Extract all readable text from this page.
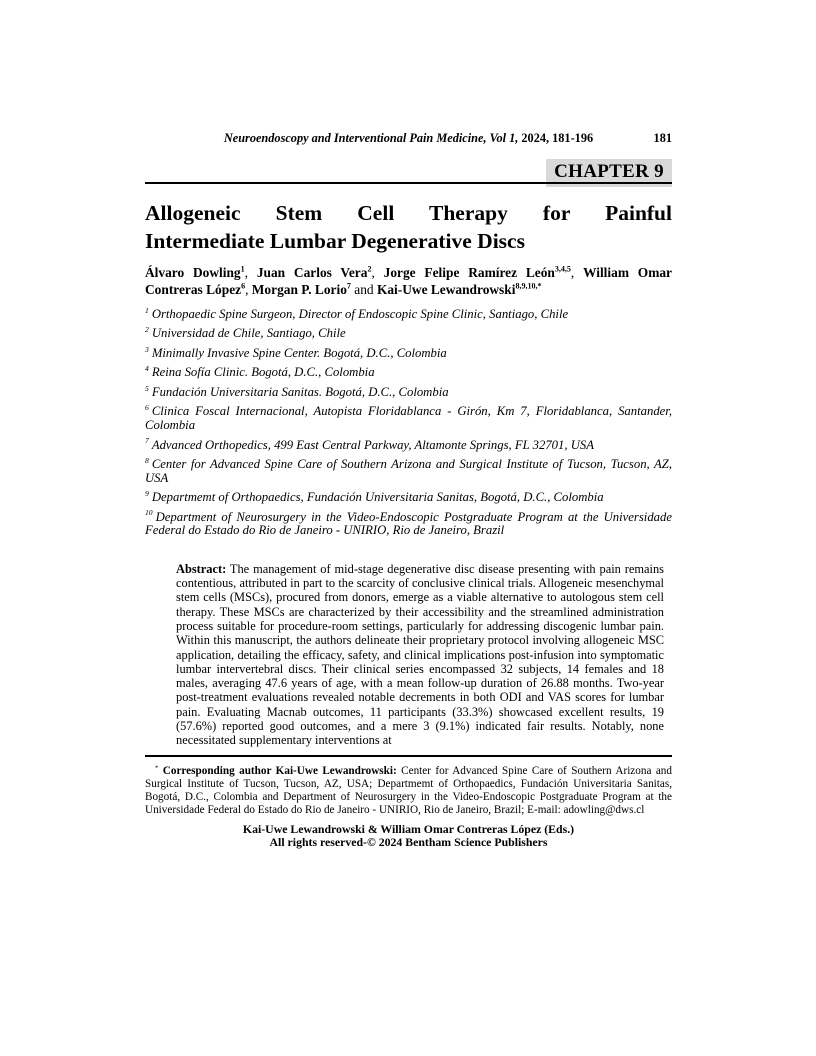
Neuroendoscopy and Interventional Pain Medicine, Vol 1, 2024, 181-196	181
CHAPTER 9
Allogeneic Stem Cell Therapy for Painful
Intermediate Lumbar Degenerative Discs

Álvaro Dowling$^1$, Juan Carlos Vera$^2$, Jorge Felipe Ramírez León$^{3,4,5}$, William Omar Contreras López$^6$, Morgan P. Lorio$^7$ and Kai-Uwe Lewandrowski$^{8,9,10,*}$

$^1$ Orthopaedic Spine Surgeon, Director of Endoscopic Spine Clinic, Santiago, Chile

$^2$ Universidad de Chile, Santiago, Chile

$^3$ Minimally Invasive Spine Center. Bogotá, D.C., Colombia

$^4$ Reina Sofía Clinic. Bogotá, D.C., Colombia

$^5$ Fundación Universitaria Sanitas. Bogotá, D.C., Colombia

$^6$ Clinica Foscal Internacional, Autopista Floridablanca - Girón, Km 7, Floridablanca, Santander, Colombia

$^7$ Advanced Orthopedics, 499 East Central Parkway, Altamonte Springs, FL 32701, USA

$^8$ Center for Advanced Spine Care of Southern Arizona and Surgical Institute of Tucson, Tucson, AZ, USA

$^9$ Departmemt of Orthopaedics, Fundación Universitaria Sanitas, Bogotá, D.C., Colombia

$^{10}$ Department of Neurosurgery in the Video-Endoscopic Postgraduate Program at the Universidade Federal do Estado do Rio de Janeiro - UNIRIO, Rio de Janeiro, Brazil

Abstract: The management of mid-stage degenerative disc disease presenting with pain remains contentious, attributed in part to the scarcity of conclusive clinical trials. Allogeneic mesenchymal stem cells (MSCs), procured from donors, emerge as a viable alternative to autologous stem cell therapy. These MSCs are characterized by their accessibility and the streamlined administration process suitable for procedure-room settings, particularly for addressing discogenic lumbar pain. Within this manuscript, the authors delineate their proprietary protocol involving allogeneic MSC application, detailing the efficacy, safety, and clinical implications post-infusion into symptomatic lumbar intervertebral discs. Their clinical series encompassed 32 subjects, 14 females and 18 males, averaging 47.6 years of age, with a mean follow-up duration of 26.88 months. Two-year post-treatment evaluations revealed notable decrements in both ODI and VAS scores for lumbar pain. Evaluating Macnab outcomes, 11 participants (33.3%) showcased excellent results, 19 (57.6%) reported good outcomes, and a mere 3 (9.1%) indicated fair results. Notably, none necessitated supplementary interventions at

* Corresponding author Kai-Uwe Lewandrowski: Center for Advanced Spine Care of Southern Arizona and Surgical Institute of Tucson, Tucson, AZ, USA; Departmemt of Orthopaedics, Fundación Universitaria Sanitas, Bogotá, D.C., Colombia and Department of Neurosurgery in the Video-Endoscopic Postgraduate Program at the Universidade Federal do Estado do Rio de Janeiro - UNIRIO, Rio de Janeiro, Brazil; E-mail: adowling@dws.cl

Kai-Uwe Lewandrowski & William Omar Contreras López (Eds.)
All rights reserved-© 2024 Bentham Science Publishers
